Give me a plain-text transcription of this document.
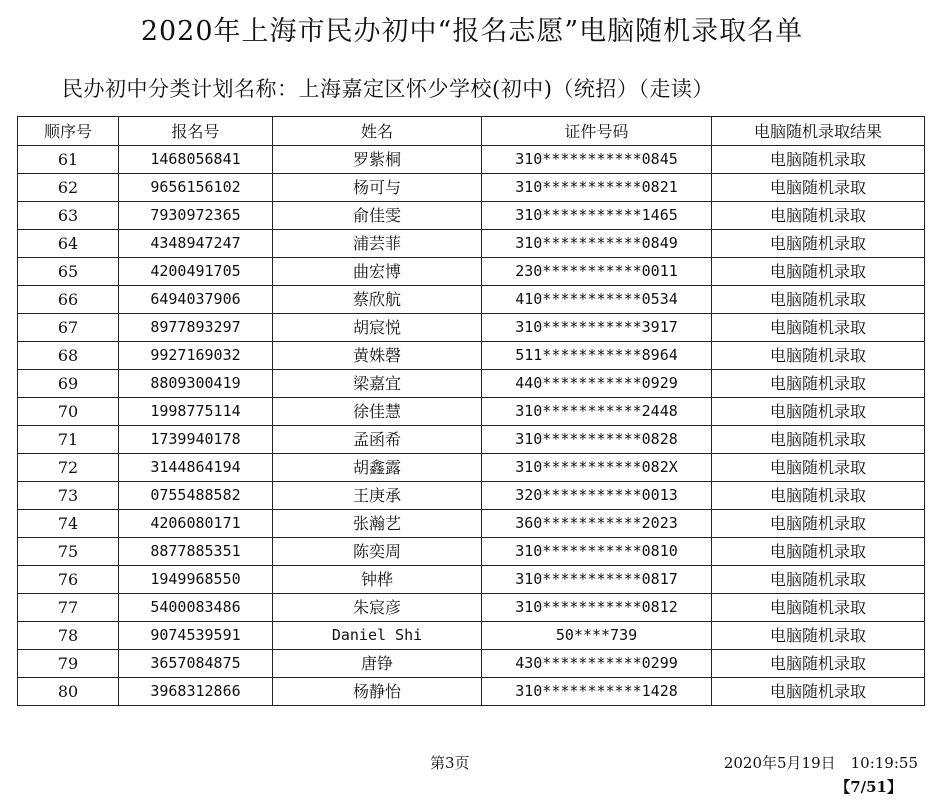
2020年上海市民办初中“报名志愿”电脑随机录取名单
民办初中分类计划名称：上海嘉定区怀少学校(初中)（统招）（走读）
顺序号	报名号	姓名	证件号码	电脑随机录取结果
61	1468056841	罗紫桐	310***********0845	电脑随机录取
62	9656156102	杨可与	310***********0821	电脑随机录取
63	7930972365	俞佳雯	310***********1465	电脑随机录取
64	4348947247	浦芸菲	310***********0849	电脑随机录取
65	4200491705	曲宏博	230***********0011	电脑随机录取
66	6494037906	蔡欣航	410***********0534	电脑随机录取
67	8977893297	胡宸悦	310***********3917	电脑随机录取
68	9927169032	黄姝磬	511***********8964	电脑随机录取
69	8809300419	梁嘉宜	440***********0929	电脑随机录取
70	1998775114	徐佳慧	310***********2448	电脑随机录取
71	1739940178	孟函希	310***********0828	电脑随机录取
72	3144864194	胡鑫露	310***********082X	电脑随机录取
73	0755488582	王庚承	320***********0013	电脑随机录取
74	4206080171	张瀚艺	360***********2023	电脑随机录取
75	8877885351	陈奕周	310***********0810	电脑随机录取
76	1949968550	钟桦	310***********0817	电脑随机录取
77	5400083486	朱宸彦	310***********0812	电脑随机录取
78	9074539591	Daniel Shi	50****739	电脑随机录取
79	3657084875	唐铮	430***********0299	电脑随机录取
80	3968312866	杨静怡	310***********1428	电脑随机录取
第3页	2020年5月19日　10:19:55
【7/51】
